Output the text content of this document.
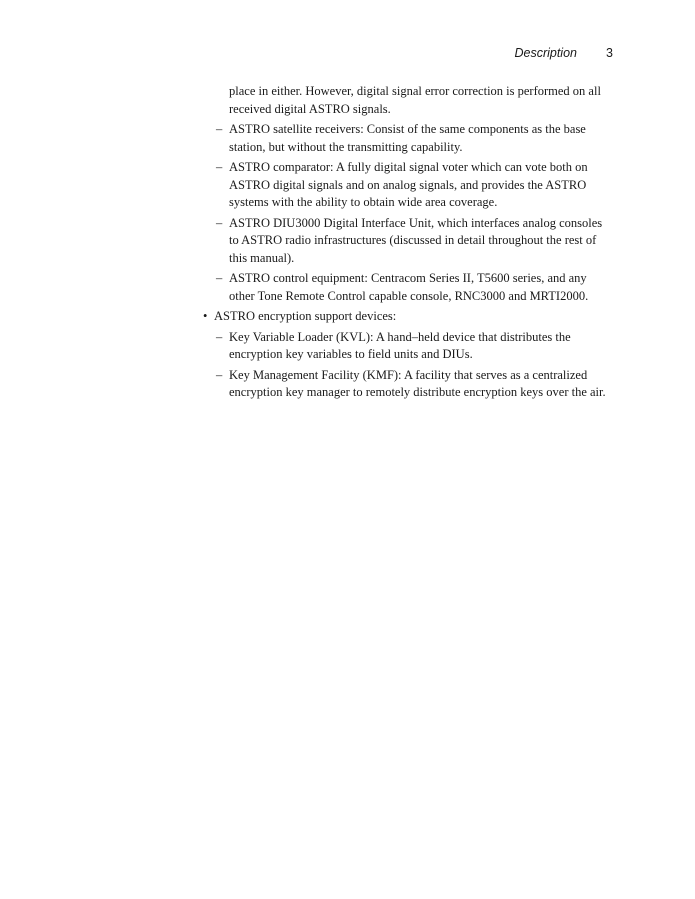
Description 3

place in either. However, digital signal error correction is performed on all received digital ASTRO signals.

– ASTRO satellite receivers: Consist of the same components as the base station, but without the transmitting capability.
– ASTRO comparator: A fully digital signal voter which can vote both on ASTRO digital signals and on analog signals, and provides the ASTRO systems with the ability to obtain wide area coverage.
– ASTRO DIU3000 Digital Interface Unit, which interfaces analog consoles to ASTRO radio infrastructures (discussed in detail throughout the rest of this manual).
– ASTRO control equipment: Centracom Series II, T5600 series, and any other Tone Remote Control capable console, RNC3000 and MRTI2000.
• ASTRO encryption support devices:
– Key Variable Loader (KVL): A hand–held device that distributes the encryption key variables to field units and DIUs.
– Key Management Facility (KMF): A facility that serves as a centralized encryption key manager to remotely distribute encryption keys over the air.
